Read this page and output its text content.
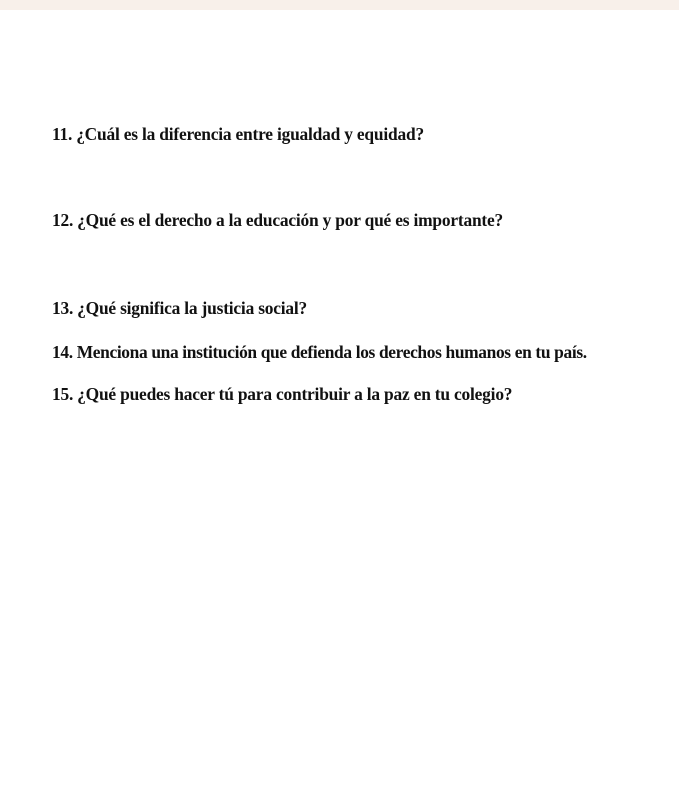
11. ¿Cuál es la diferencia entre igualdad y equidad?

12. ¿Qué es el derecho a la educación y por qué es importante?

13. ¿Qué significa la justicia social?

14. Menciona una institución que defienda los derechos humanos en tu país.

15. ¿Qué puedes hacer tú para contribuir a la paz en tu colegio?
